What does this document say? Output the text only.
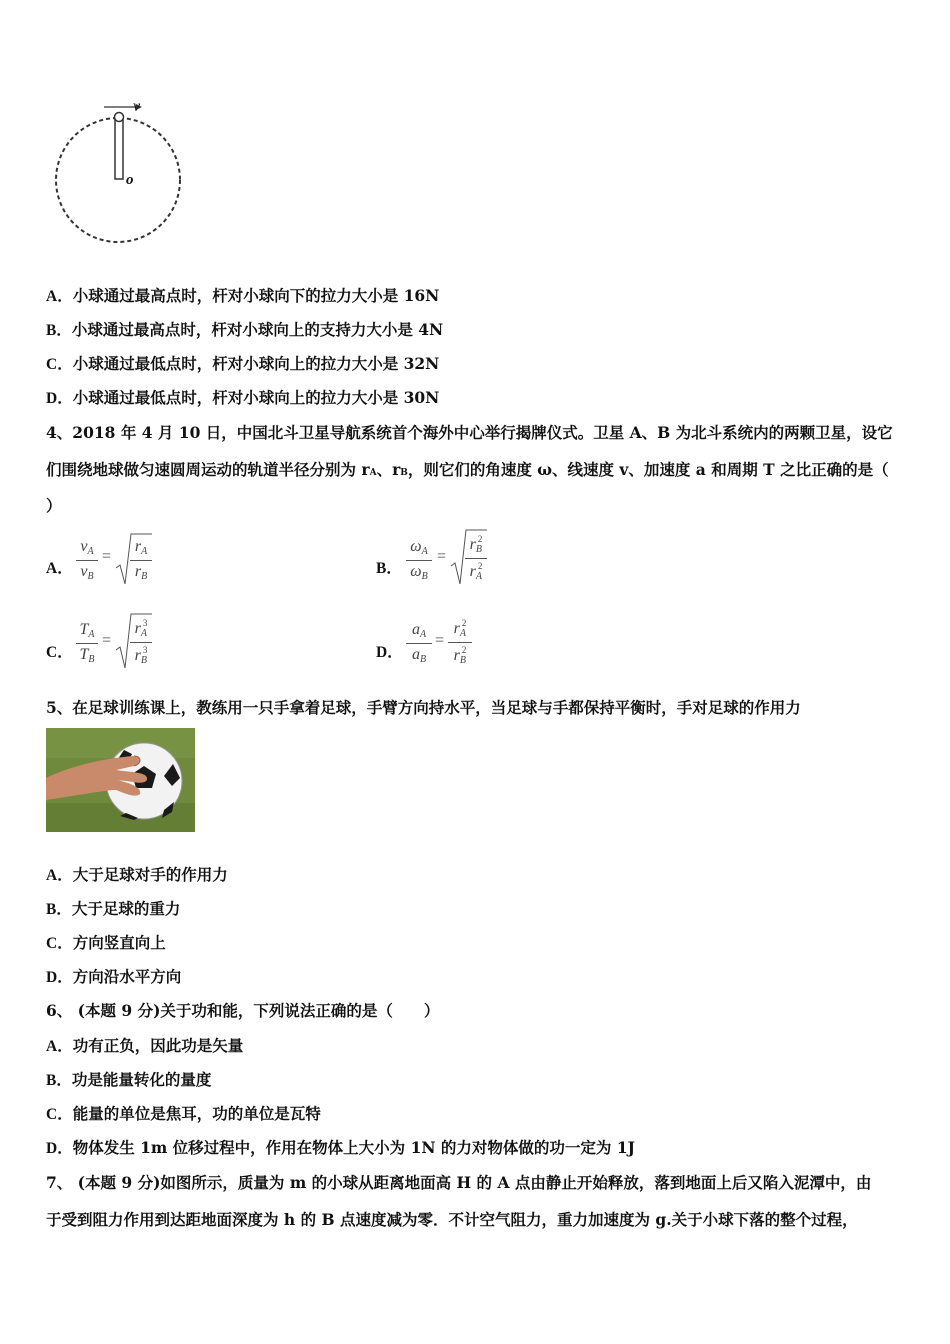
v
o
A．小球通过最高点时，杆对小球向下的拉力大小是 16N
B．小球通过最高点时，杆对小球向上的支持力大小是 4N
C．小球通过最低点时，杆对小球向上的拉力大小是 32N
D．小球通过最低点时，杆对小球向上的拉力大小是 30N
4、2018 年 4 月 10 日，中国北斗卫星导航系统首个海外中心举行揭牌仪式。卫星 A、B 为北斗系统内的两颗卫星，设它
们围绕地球做匀速圆周运动的轨道半径分别为 rA、rB，则它们的角速度 ω、线速度 v、加速度 a 和周期 T 之比正确的是（
）
A．
$v_A$
$v_B$
=
$r_A$
$r_B$	B．
$\omega_A$
$\omega_B$
=
$r_B^2$
$r_A^2$
C．
$T_A$
$T_B$
=
$r_A^3$
$r_B^3$	D．
$a_A$
$a_B$
=
$r_A^2$
$r_B^2$
5、在足球训练课上，教练用一只手拿着足球，手臂方向持水平，当足球与手都保持平衡时，手对足球的作用力
A．大于足球对手的作用力
B．大于足球的重力
C．方向竖直向上
D．方向沿水平方向
6、 (本题 9 分)关于功和能，下列说法正确的是（　　）
A．功有正负，因此功是矢量
B．功是能量转化的量度
C．能量的单位是焦耳，功的单位是瓦特
D．物体发生 1m 位移过程中，作用在物体上大小为 1N 的力对物体做的功一定为 1J
7、 (本题 9 分)如图所示，质量为 m 的小球从距离地面高 H 的 A 点由静止开始释放，落到地面上后又陷入泥潭中，由
于受到阻力作用到达距地面深度为 h 的 B 点速度减为零．不计空气阻力，重力加速度为 g.关于小球下落的整个过程，
